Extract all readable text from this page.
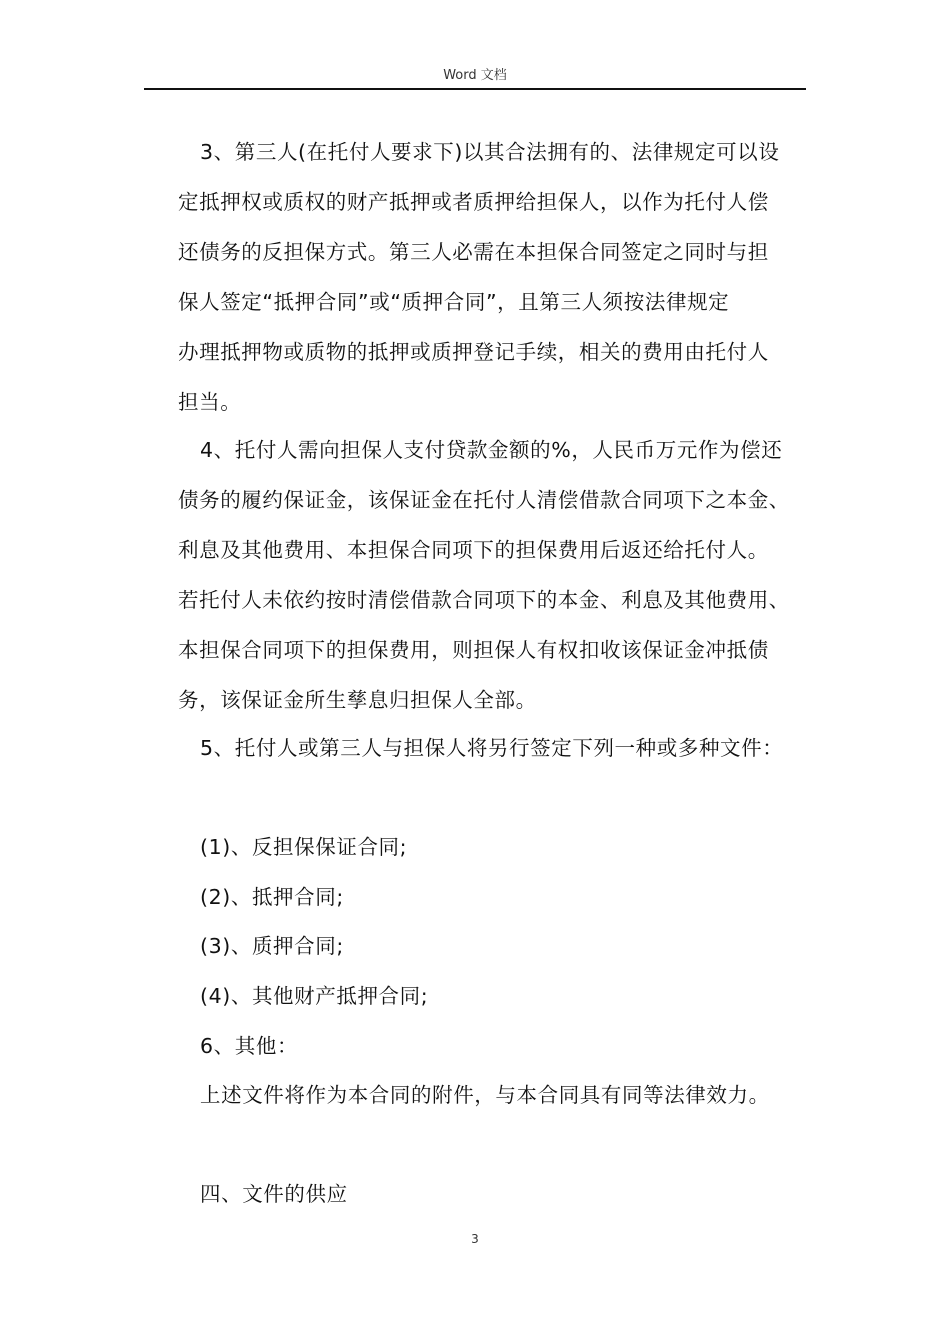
Word 文档
3、第三人(在托付人要求下)以其合法拥有的、法律规定可以设
定抵押权或质权的财产抵押或者质押给担保人，以作为托付人偿
还债务的反担保方式。第三人必需在本担保合同签定之同时与担
保人签定“抵押合同”或“质押合同”，且第三人须按法律规定
办理抵押物或质物的抵押或质押登记手续，相关的费用由托付人
担当。
4、托付人需向担保人支付贷款金额的%，人民币万元作为偿还
债务的履约保证金，该保证金在托付人清偿借款合同项下之本金、
利息及其他费用、本担保合同项下的担保费用后返还给托付人。
若托付人未依约按时清偿借款合同项下的本金、利息及其他费用、
本担保合同项下的担保费用，则担保人有权扣收该保证金冲抵债
务，该保证金所生孳息归担保人全部。
5、托付人或第三人与担保人将另行签定下列一种或多种文件：
(1)、反担保保证合同;
(2)、抵押合同;
(3)、质押合同;
(4)、其他财产抵押合同;
6、其他：
上述文件将作为本合同的附件，与本合同具有同等法律效力。
四、文件的供应
3
